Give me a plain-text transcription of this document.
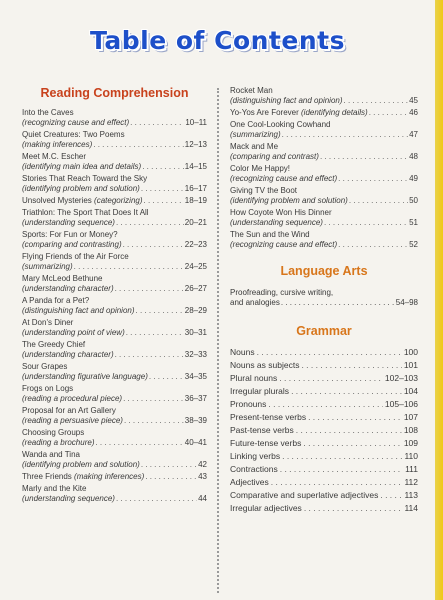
Table of Contents
Reading Comprehension
Into the Caves
(recognizing cause and effect) . . .	10–11
Quiet Creatures: Two Poems
(making inferences) . . .	12–13
Meet M.C. Escher
(identifying main idea and details) . . .	14–15
Stories That Reach Toward the Sky
(identifying problem and solution) . . .	16–17
Unsolved Mysteries
(categorizing) . . .	18–19
Triathlon: The Sport That Does It All
(understanding sequence) . . .	20–21
Sports: For Fun or Money?
(comparing and contrasting) . . .	22–23
Flying Friends of the Air Force
(summarizing) . . .	24–25
Mary McLeod Bethune
(understanding character) . . .	26–27
A Panda for a Pet?
(distinguishing fact and opinion) . . .	28–29
At Don's Diner
(understanding point of view) . . .	30–31
The Greedy Chief
(understanding character) . . .	32–33
Sour Grapes
(understanding figurative language) . . .	34–35
Frogs on Logs
(reading a procedural piece) . . .	36–37
Proposal for an Art Gallery
(reading a persuasive piece) . . .	38–39
Choosing Groups
(reading a brochure) . . .	40–41
Wanda and Tina
(identifying problem and solution) . . .	42
Three Friends
(making inferences) . . .	43
Marly and the Kite
(understanding sequence) . . .	44
Rocket Man
(distinguishing fact and opinion) . . .	45
Yo-Yos Are Forever
(identifying details) . . .	46
One Cool-Looking Cowhand
(summarizing) . . .	47
Mack and Me
(comparing and contrast) . . .	48
Color Me Happy!
(recognizing cause and effect) . . .	49
Giving TV the Boot
(identifying problem and solution) . . .	50
How Coyote Won His Dinner
(understanding sequence) . . .	51
The Sun and the Wind
(recognizing cause and effect) . . .	52
Language Arts
Proofreading, cursive writing,
and analogies . . .	54–98
Grammar
Nouns . . .	100
Nouns as subjects . . .	101
Plural nouns . . .	102–103
Irregular plurals . . .	104
Pronouns . . .	105–106
Present-tense verbs . . .	107
Past-tense verbs . . .	108
Future-tense verbs . . .	109
Linking verbs . . .	110
Contractions . . .	111
Adjectives . . .	112
Comparative and superlative adjectives . . .	113
Irregular adjectives . . .	114
